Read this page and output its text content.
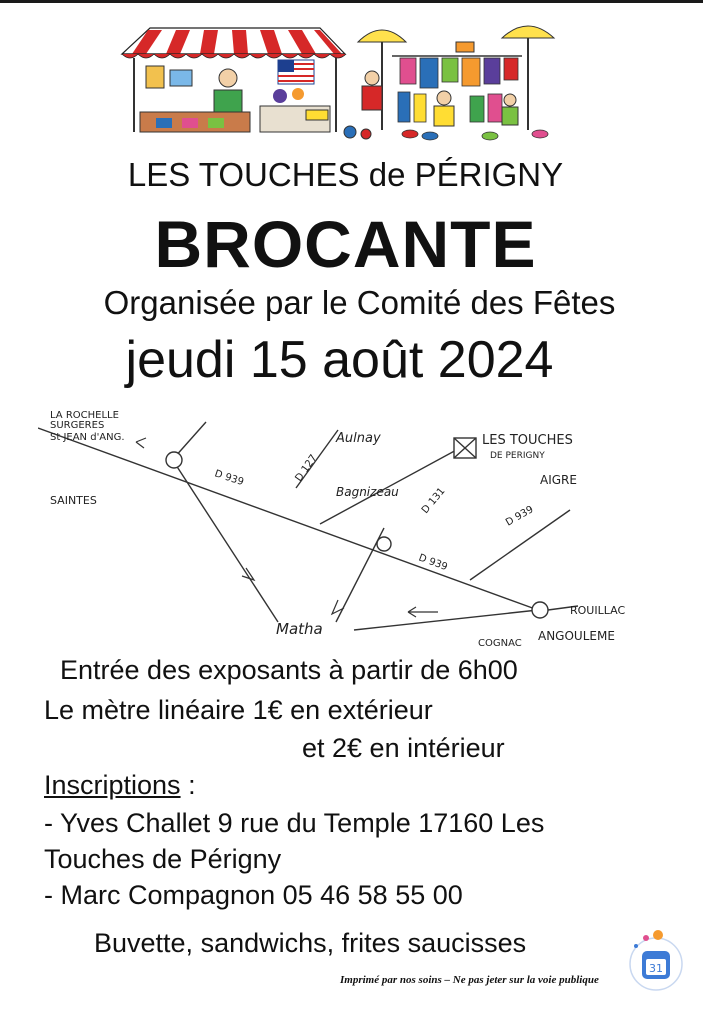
LES TOUCHES de PÉRIGNY
BROCANTE
Organisée par le Comité des Fêtes
jeudi 15 août 2024
LA ROCHELLE
SURGERES
St JEAN d'ANG.
SAINTES
Aulnay	LES TOUCHES
DE PERIGNY
AIGRE
Bagnizeau
D 939	D 127
D 131
D 939
D 939
Matha
ROUILLAC
COGNAC
ANGOULEME
Entrée des exposants à partir de 6h00
Le mètre linéaire 1€ en extérieur
et 2€ en intérieur
Inscriptions :
- Yves Challet 9 rue du Temple 17160 Les
Touches de Périgny
- Marc Compagnon 05 46 58 55 00
Buvette, sandwichs, frites saucisses
Imprimé par nos soins – Ne pas jeter sur la voie publique
31
